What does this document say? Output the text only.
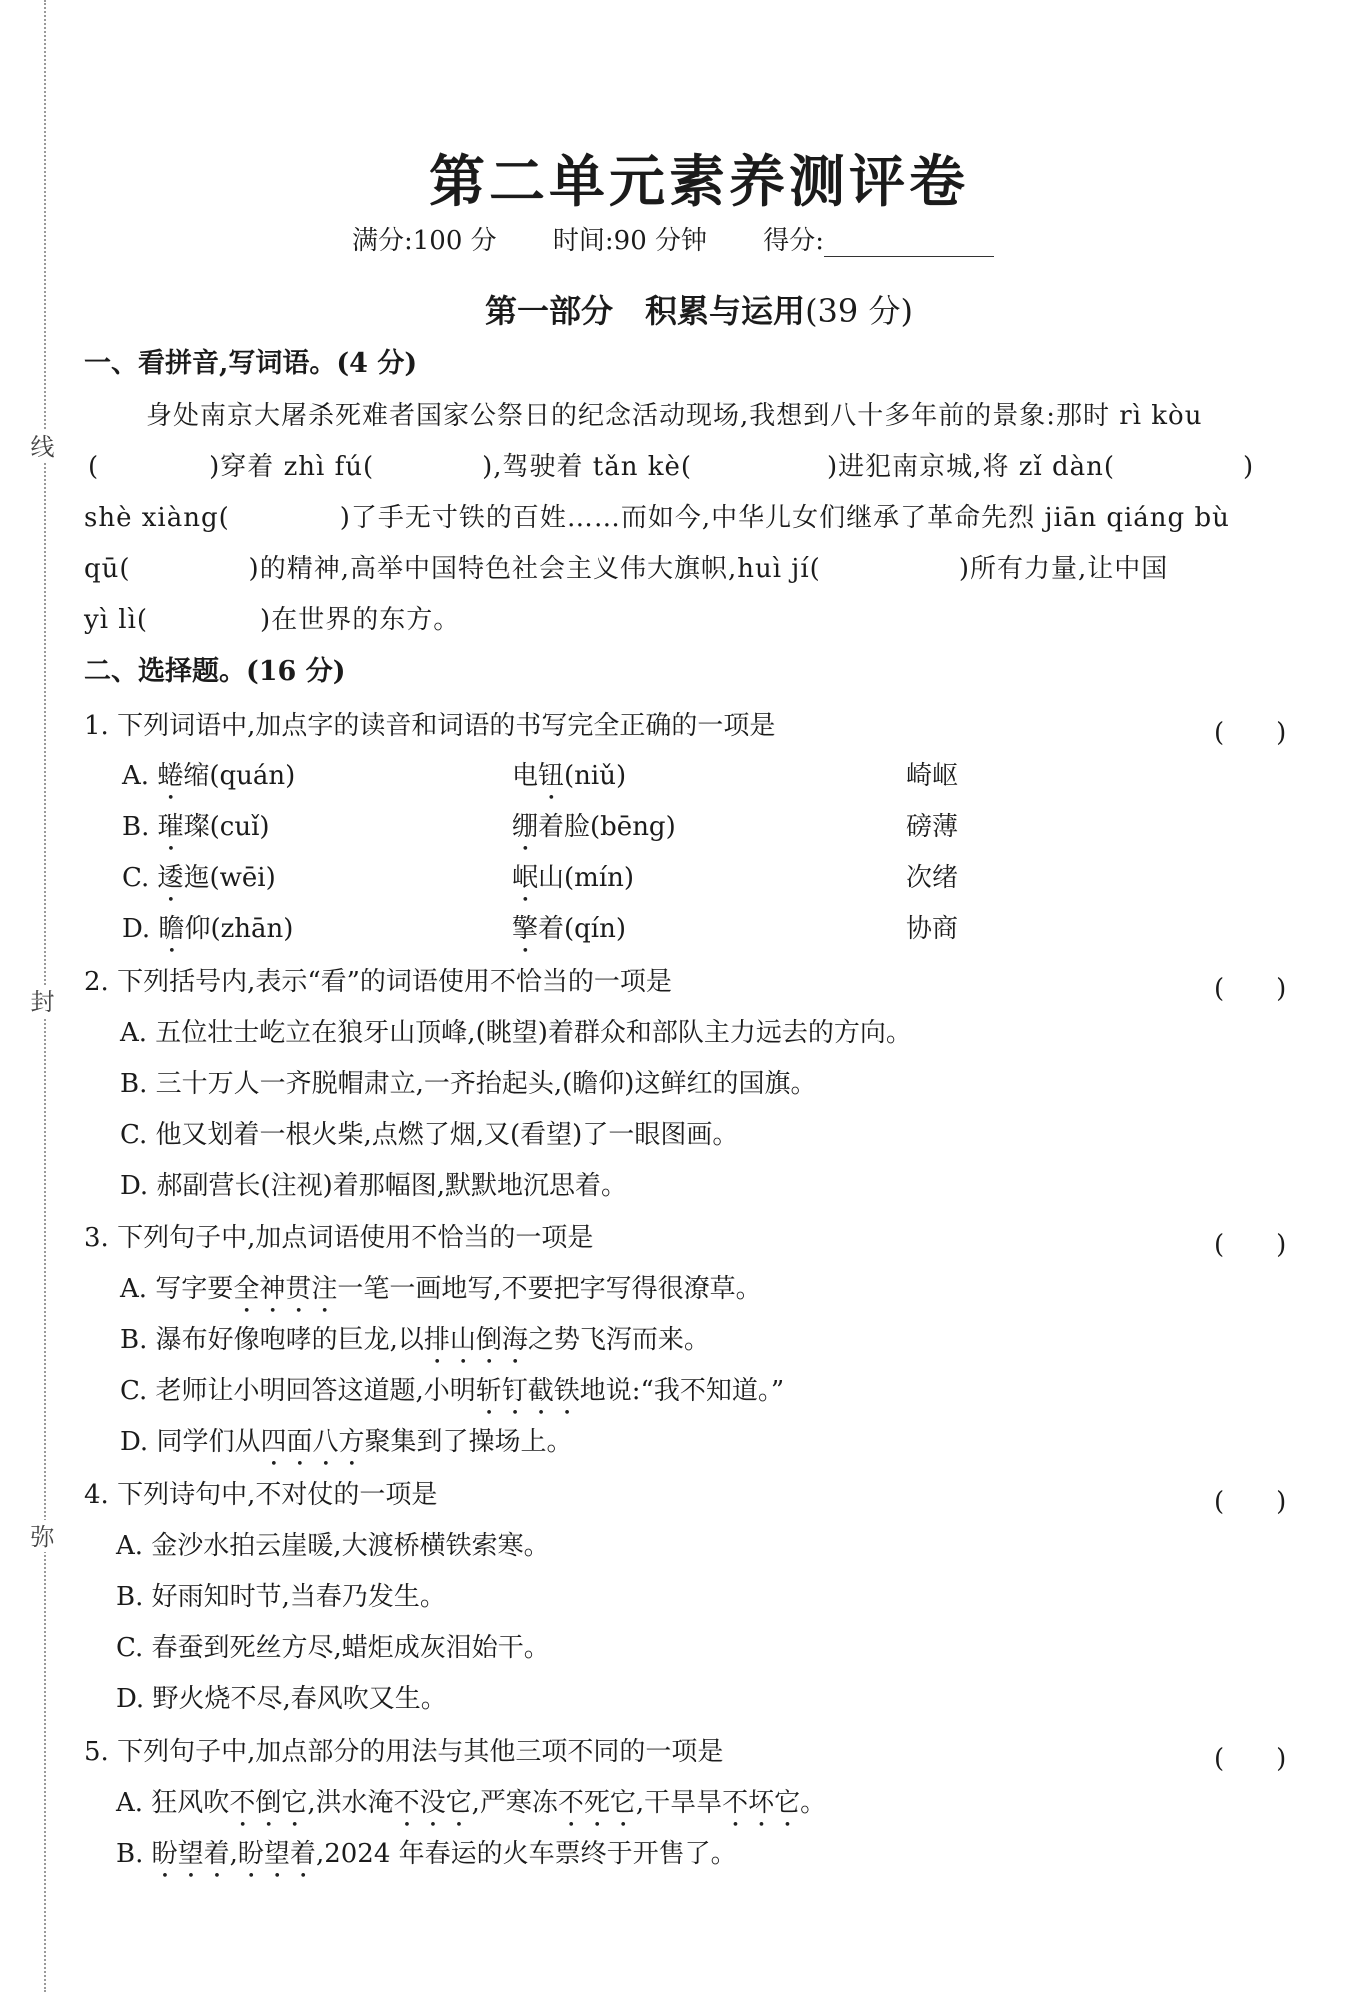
线
封
弥
第二单元素养测评卷
满分:100 分 时间:90 分钟 得分:
第一部分　积累与运用(39 分)
一、看拼音,写词语。(4 分)
身处南京大屠杀死难者国家公祭日的纪念活动现场,我想到八十多年前的景象:那时 rì kòu
(	)穿着 zhì fú(	),驾驶着 tǎn kè(	)进犯南京城,将 zǐ dàn(	)
shè xiàng(	)了手无寸铁的百姓……而如今,中华儿女们继承了革命先烈 jiān qiáng bù
qū(	)的精神,高举中国特色社会主义伟大旗帜,huì jí(	)所有力量,让中国
yì lì(	)在世界的东方。
二、选择题。(16 分)
1. 下列词语中,加点字的读音和词语的书写完全正确的一项是	(　　)
A. 蜷缩(quán)	电钮(niǔ)	崎岖
B. 璀璨(cuǐ)	绷着脸(bēng)	磅薄
C. 逶迤(wēi)	岷山(mín)	次绪
D. 瞻仰(zhān)	擎着(qín)	协商
2. 下列括号内,表示“看”的词语使用不恰当的一项是	(　　)
A. 五位壮士屹立在狼牙山顶峰,(眺望)着群众和部队主力远去的方向。
B. 三十万人一齐脱帽肃立,一齐抬起头,(瞻仰)这鲜红的国旗。
C. 他又划着一根火柴,点燃了烟,又(看望)了一眼图画。
D. 郝副营长(注视)着那幅图,默默地沉思着。
3. 下列句子中,加点词语使用不恰当的一项是	(　　)
A. 写字要全神贯注一笔一画地写,不要把字写得很潦草。
B. 瀑布好像咆哮的巨龙,以排山倒海之势飞泻而来。
C. 老师让小明回答这道题,小明斩钉截铁地说:“我不知道。”
D. 同学们从四面八方聚集到了操场上。
4. 下列诗句中,不对仗的一项是	(　　)
A. 金沙水拍云崖暖,大渡桥横铁索寒。
B. 好雨知时节,当春乃发生。
C. 春蚕到死丝方尽,蜡炬成灰泪始干。
D. 野火烧不尽,春风吹又生。
5. 下列句子中,加点部分的用法与其他三项不同的一项是	(　　)
A. 狂风吹不倒它,洪水淹不没它,严寒冻不死它,干旱旱不坏它。
B. 盼望着,盼望着,2024 年春运的火车票终于开售了。
